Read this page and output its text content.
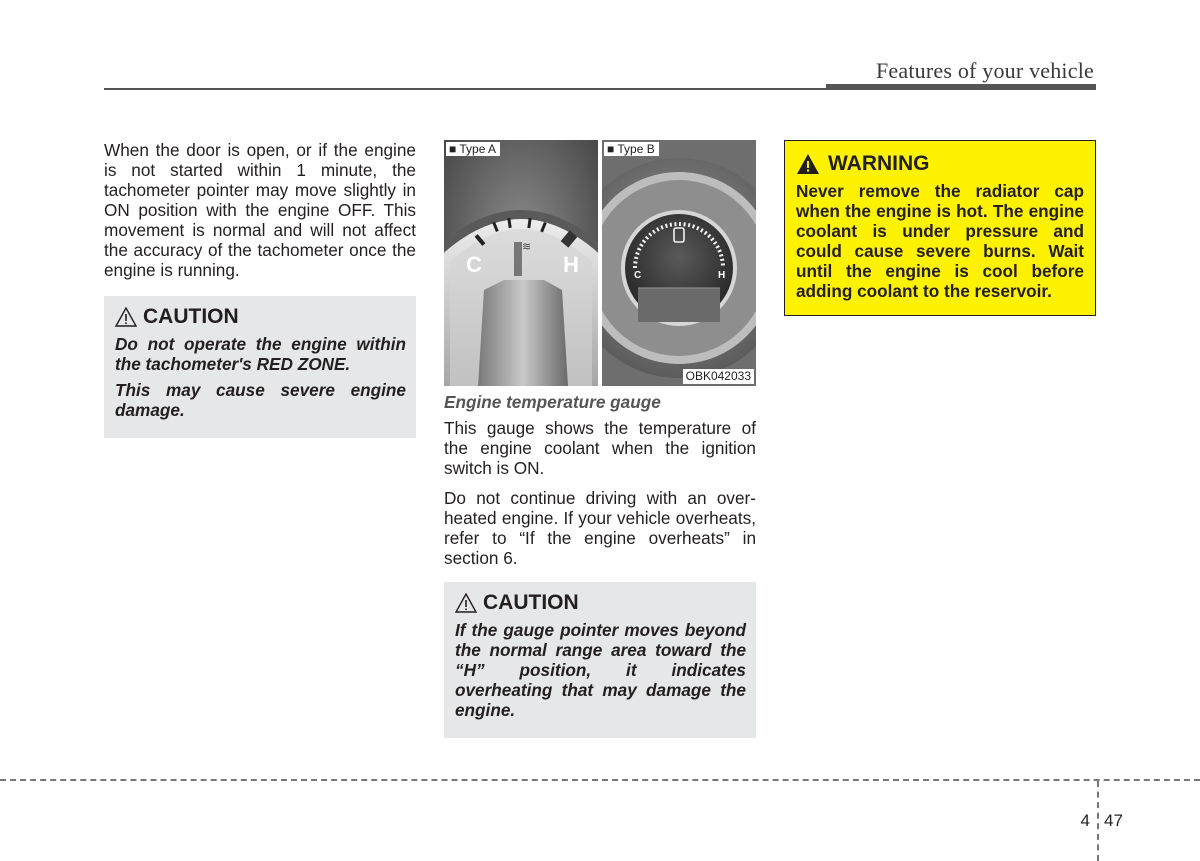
Features of your vehicle

When the door is open, or if the engine is not started within 1 minute, the tachometer pointer may move slightly in ON position with the engine OFF. This movement is normal and will not affect the accuracy of the tachometer once the engine is running.

CAUTION

Do not operate the engine within the tachometer's RED ZONE.

This may cause severe engine damage.

≋
C	H
■ Type A
C	H
■ Type B
OBK042033
Engine temperature gauge

This gauge shows the temperature of the engine coolant when the ignition switch is ON.

Do not continue driving with an overheated engine. If your vehicle overheats, refer to “If the engine overheats” in section 6.

CAUTION

If the gauge pointer moves beyond the normal range area toward the “H” position, it indicates overheating that may damage the engine.

WARNING

Never remove the radiator cap when the engine is hot. The engine coolant is under pressure and could cause severe burns. Wait until the engine is cool before adding coolant to the reservoir.

4 47
